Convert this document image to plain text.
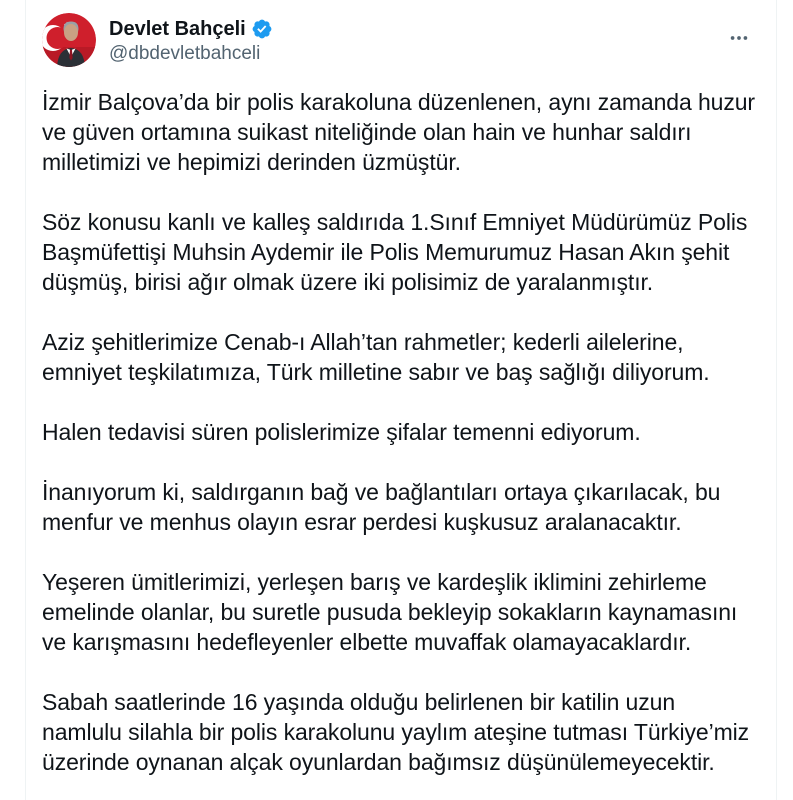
Devlet Bahçeli
@dbdevletbahceli

İzmir Balçova’da bir polis karakoluna düzenlenen, aynı zamanda huzur ve güven ortamına suikast niteliğinde olan hain ve hunhar saldırı milletimizi ve hepimizi derinden üzmüştür.

Söz konusu kanlı ve kalleş saldırıda 1.Sınıf Emniyet Müdürümüz Polis Başmüfettişi Muhsin Aydemir ile Polis Memurumuz Hasan Akın şehit düşmüş, birisi ağır olmak üzere iki polisimiz de yaralanmıştır.

Aziz şehitlerimize Cenab-ı Allah’tan rahmetler; kederli ailelerine, emniyet teşkilatımıza, Türk milletine sabır ve baş sağlığı diliyorum.

Halen tedavisi süren polislerimize şifalar temenni ediyorum.

İnanıyorum ki, saldırganın bağ ve bağlantıları ortaya çıkarılacak, bu menfur ve menhus olayın esrar perdesi kuşkusuz aralanacaktır.

Yeşeren ümitlerimizi, yerleşen barış ve kardeşlik iklimini zehirleme emelinde olanlar, bu suretle pusuda bekleyip sokakların kaynamasını ve karışmasını hedefleyenler elbette muvaffak olamayacaklardır.

Sabah saatlerinde 16 yaşında olduğu belirlenen bir katilin uzun namlulu silahla bir polis karakolunu yaylım ateşine tutması Türkiye’miz üzerinde oynanan alçak oyunlardan bağımsız düşünülemeyecektir.
